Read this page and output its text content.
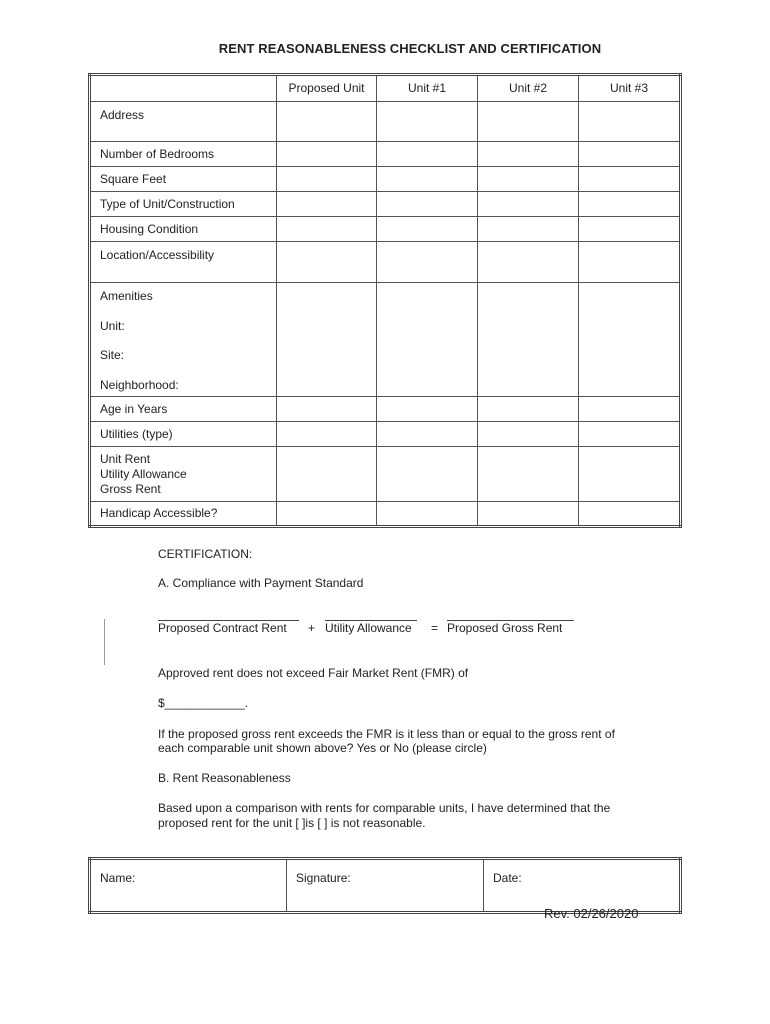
RENT REASONABLENESS CHECKLIST AND CERTIFICATION
	Proposed Unit	Unit #1	Unit #2	Unit #3
Address				
Number of Bedrooms				
Square Feet				
Type of Unit/Construction				
Housing Condition				
Location/Accessibility				

Amenities
Unit:
Site:
Neighborhood:				

Age in Years				
Utilities (type)				

Unit Rent
Utility Allowance
Gross Rent				

Handicap Accessible?				
CERTIFICATION:
A. Compliance with Payment Standard
Proposed Contract Rent + Utility Allowance = Proposed Gross Rent
Approved rent does not exceed Fair Market Rent (FMR) of
$____________.
If the proposed gross rent exceeds the FMR is it less than or equal to the gross rent of
each comparable unit shown above? Yes or No (please circle)
B. Rent Reasonableness
Based upon a comparison with rents for comparable units, I have determined that the
proposed rent for the unit [ ]is [ ] is not reasonable.
Name:	Signature:	Date:
Rev. 02/26/2020
